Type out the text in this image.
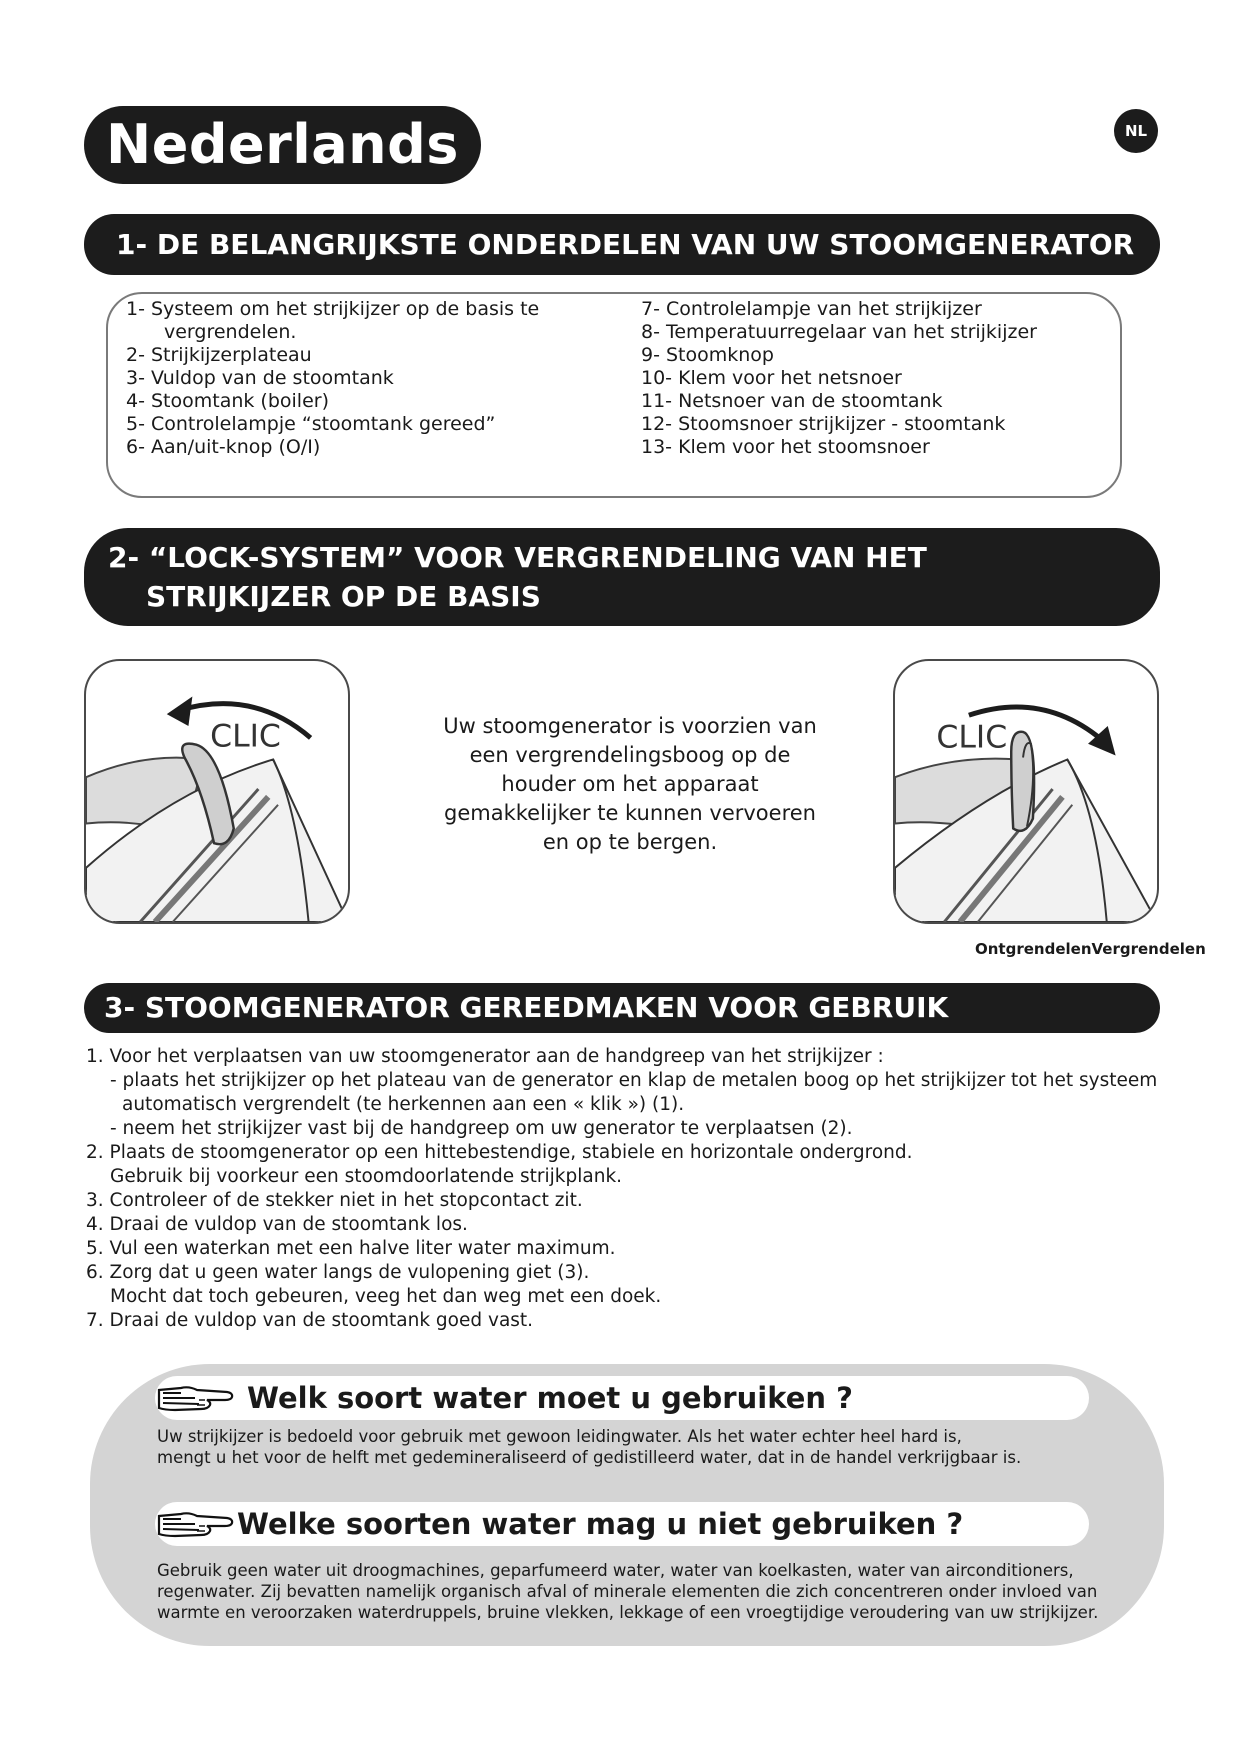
Nederlands	NL
1- DE BELANGRIJKSTE ONDERDELEN VAN UW STOOMGENERATOR
1- Systeem om het strijkijzer op de basis te
vergrendelen.
2- Strijkijzerplateau
3- Vuldop van de stoomtank
4- Stoomtank (boiler)
5- Controlelampje “stoomtank gereed”
6- Aan/uit-knop (O/I)
7- Controlelampje van het strijkijzer
8- Temperatuurregelaar van het strijkijzer
9- Stoomknop
10- Klem voor het netsnoer
11- Netsnoer van de stoomtank
12- Stoomsnoer strijkijzer - stoomtank
13- Klem voor het stoomsnoer
2- “LOCK-SYSTEM” VOOR VERGRENDELING VAN HET
STRIJKIJZER OP DE BASIS
CLIC	Uw stoomgenerator is voorzien van
een vergrendelingsboog op de
houder om het apparaat
gemakkelijker te kunnen vervoeren
en op te bergen.
CLIC
OntgrendelenVergrendelen
3- STOOMGENERATOR GEREEDMAKEN VOOR GEBRUIK
1. Voor het verplaatsen van uw stoomgenerator aan de handgreep van het strijkijzer :
- plaats het strijkijzer op het plateau van de generator en klap de metalen boog op het strijkijzer tot het systeem
automatisch vergrendelt (te herkennen aan een « klik ») (1).
- neem het strijkijzer vast bij de handgreep om uw generator te verplaatsen (2).
2. Plaats de stoomgenerator op een hittebestendige, stabiele en horizontale ondergrond.
Gebruik bij voorkeur een stoomdoorlatende strijkplank.
3. Controleer of de stekker niet in het stopcontact zit.
4. Draai de vuldop van de stoomtank los.
5. Vul een waterkan met een halve liter water maximum.
6. Zorg dat u geen water langs de vulopening giet (3).
Mocht dat toch gebeuren, veeg het dan weg met een doek.
7. Draai de vuldop van de stoomtank goed vast.
Welk soort water moet u gebruiken ?
Uw strijkijzer is bedoeld voor gebruik met gewoon leidingwater. Als het water echter heel hard is,
mengt u het voor de helft met gedemineraliseerd of gedistilleerd water, dat in de handel verkrijgbaar is.
Welke soorten water mag u niet gebruiken ?
Gebruik geen water uit droogmachines, geparfumeerd water, water van koelkasten, water van airconditioners,
regenwater. Zij bevatten namelijk organisch afval of minerale elementen die zich concentreren onder invloed van
warmte en veroorzaken waterdruppels, bruine vlekken, lekkage of een vroegtijdige veroudering van uw strijkijzer.
